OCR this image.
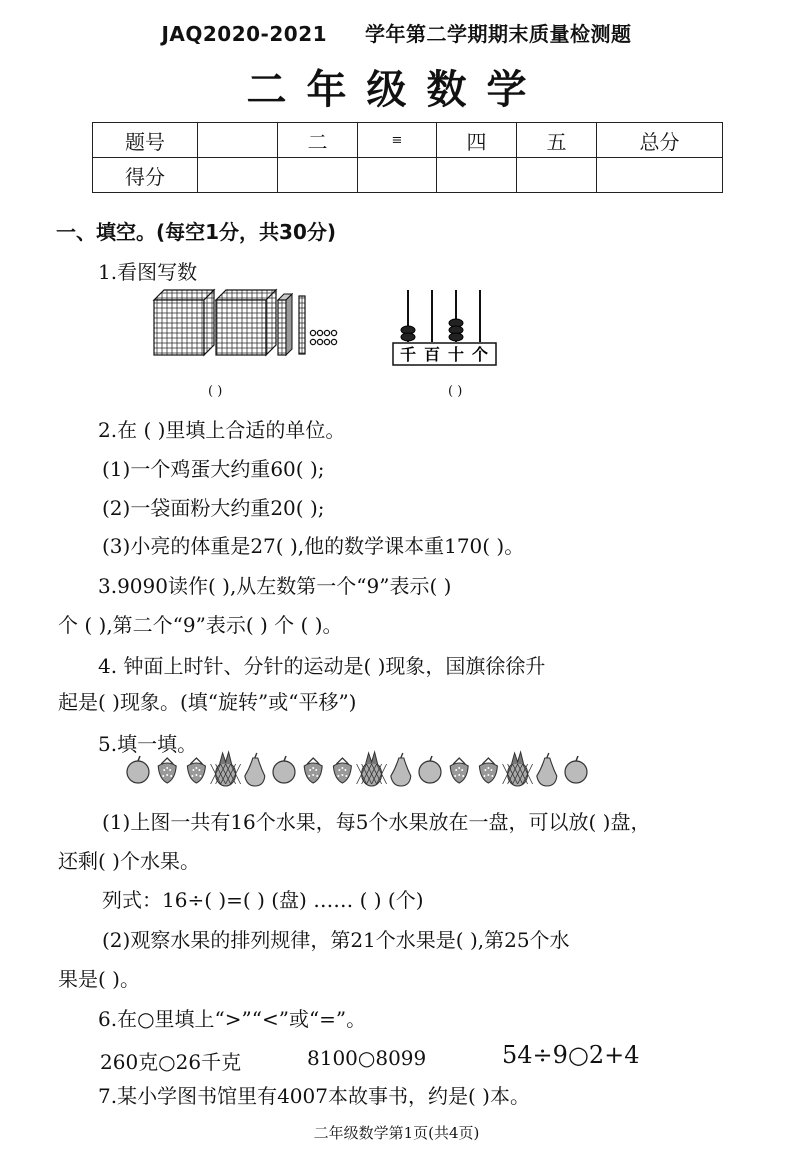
JAQ2020-2021 学年第二学期期末质量检测题
二年级数学
题号		二	≡	四	五	总分
得分						
一、填空。(每空1分，共30分)
1.看图写数
千 百 十 个
( )	( )
2.在 ( )里填上合适的单位。
(1)一个鸡蛋大约重60( );
(2)一袋面粉大约重20( );
(3)小亮的体重是27( ),他的数学课本重170( )。
3.9090读作( ),从左数第一个“9”表示( )
个 ( ),第二个“9”表示( ) 个 ( )。
4. 钟面上时针、分针的运动是( )现象，国旗徐徐升
起是( )现象。(填“旋转”或“平移”)
5.填一填。
(1)上图一共有16个水果，每5个水果放在一盘，可以放( )盘，
还剩( )个水果。
列式：16÷( )=( ) (盘) …… ( ) (个)
(2)观察水果的排列规律，第21个水果是( ),第25个水
果是( )。
6.在○里填上“>”“<”或“=”。
260克○26千克	8100○8099	54÷9○2+4
7.某小学图书馆里有4007本故事书，约是( )本。
二年级数学第1页(共4页)
